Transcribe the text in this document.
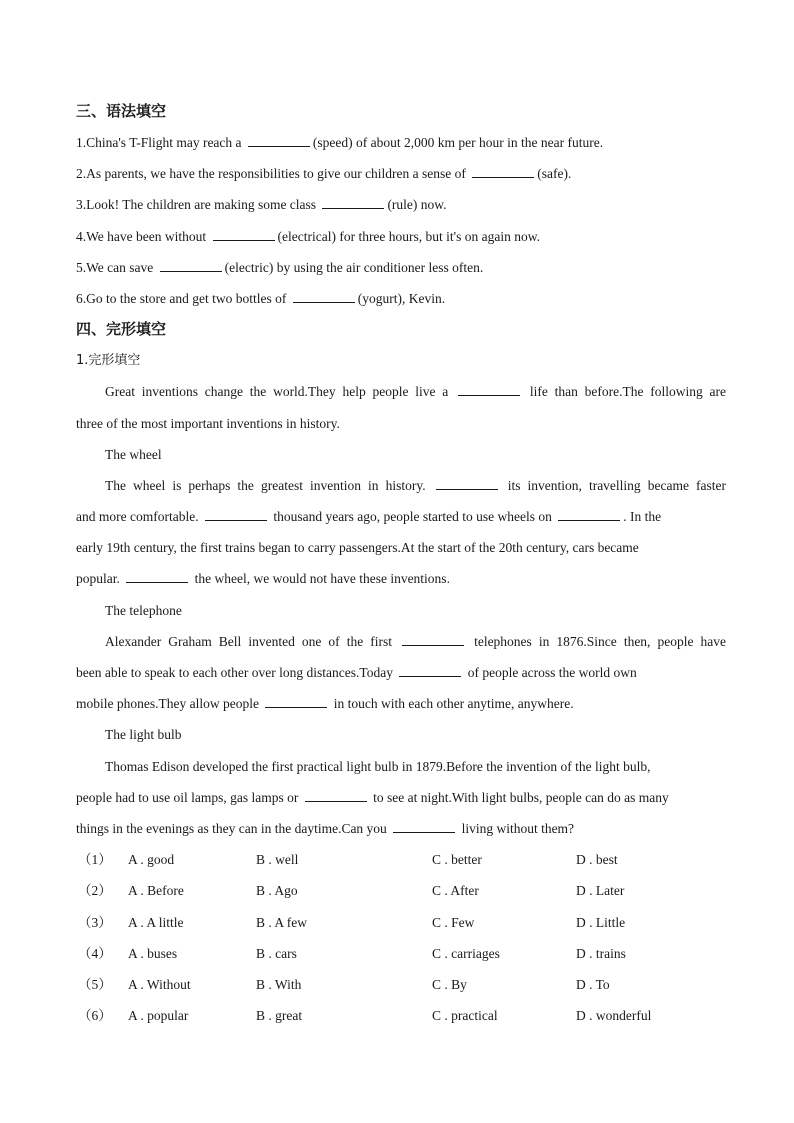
三、语法填空

1.China's T-Flight may reach a	(speed) of about 2,000 km per hour in the near future.

2.As parents, we have the responsibilities to give our children a sense of	(safe).

3.Look! The children are making some class	(rule) now.

4.We have been without	(electrical) for three hours, but it's on again now.

5.We can save	(electric) by using the air conditioner less often.

6.Go to the store and get two bottles of	(yogurt), Kevin.

四、完形填空

1.完形填空

Great inventions change the world.They help people live a	life than before.The following are

three of the most important inventions in history.

The wheel

The wheel is perhaps the greatest invention in history.	its invention, travelling became faster

and more comfortable.	thousand years ago, people started to use wheels on	. In the

early 19th century, the first trains began to carry passengers.At the start of the 20th century, cars became

popular.	the wheel, we would not have these inventions.

The telephone

Alexander Graham Bell invented one of the first	telephones in 1876.Since then, people have

been able to speak to each other over long distances.Today	of people across the world own

mobile phones.They allow people	in touch with each other anytime, anywhere.

The light bulb

Thomas Edison developed the first practical light bulb in 1879.Before the invention of the light bulb,

people had to use oil lamps, gas lamps or	to see at night.With light bulbs, people can do as many

things in the evenings as they can in the daytime.Can you	living without them?

（1） A . good	B . well	C . better	D . best
（2） A . Before	B . Ago	C . After	D . Later
（3） A . A little	B . A few	C . Few	D . Little
（4） A . buses	B . cars	C . carriages	D . trains
（5） A . Without	B . With	C . By	D . To
（6） A . popular	B . great	C . practical	D . wonderful
